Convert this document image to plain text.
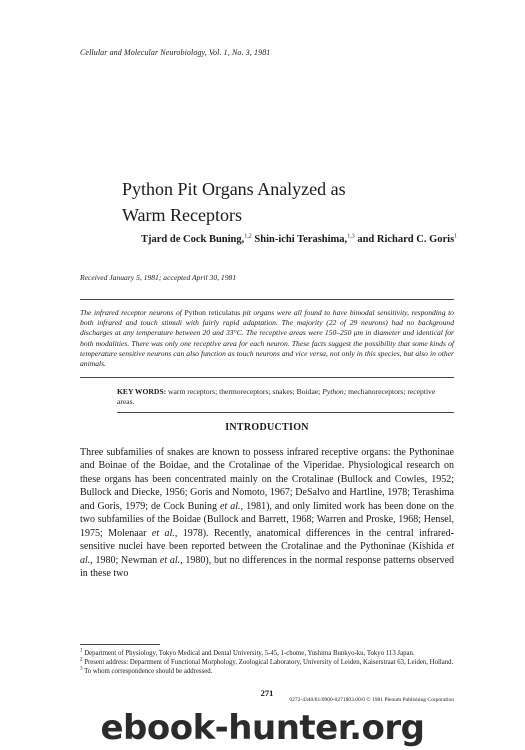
Cellular and Molecular Neurobiology, Vol. 1, No. 3, 1981
Python Pit Organs Analyzed as
Warm Receptors
Tjard de Cock Buning,$^{1,2}$ Shin-ichi Terashima,$^{1,3}$ and Richard C. Goris$^1$
Received January 5, 1981; accepted April 30, 1981
The infrared receptor neurons of Python reticulatus pit organs were all found to have bimodal sensitivity, responding to both infrared and touch stimuli with fairly rapid adaptation. The majority (22 of 29 neurons) had no background discharges at any temperature between 20 and 33°C. The receptive areas were 150–250 μm in diameter and identical for both modalities. There was only one receptive area for each neuron. These facts suggest the possibility that some kinds of temperature sensitive neurons can also function as touch neurons and vice versa, not only in this species, but also in other animals.
KEY WORDS: warm receptors; thermoreceptors; snakes; Boidae; Python; mechanoreceptors; receptive areas.
INTRODUCTION
Three subfamilies of snakes are known to possess infrared receptive organs: the Pythoninae and Boinae of the Boidae, and the Crotalinae of the Viperidae. Physiological research on these organs has been concentrated mainly on the Crotalinae (Bullock and Cowles, 1952; Bullock and Diecke, 1956; Goris and Nomoto, 1967; DeSalvo and Hartline, 1978; Terashima and Goris, 1979; de Cock Buning et al., 1981), and only limited work has been done on the two subfamilies of the Boidae (Bullock and Barrett, 1968; Warren and Proske, 1968; Hensel, 1975; Molenaar et al., 1978). Recently, anatomical differences in the central infrared-sensitive nuclei have been reported between the Crotalinae and the Pythoninae (Kishida et al., 1980; Newman et al., 1980), but no differences in the normal response patterns observed in these two

$^1$ Department of Physiology, Tokyo Medical and Dental University, 5-45, 1-chome, Yushima Bunkyo-ku, Tokyo 113 Japan.

$^2$ Present address: Department of Functional Morphology, Zoological Laboratory, University of Leiden, Kaiserstraat 63, Leiden, Holland.

$^3$ To whom correspondence should be addressed.

271
0272-4340/81/0900-0271$03.00/0 © 1981 Plenum Publishing Corporation
ebook-hunter.org
